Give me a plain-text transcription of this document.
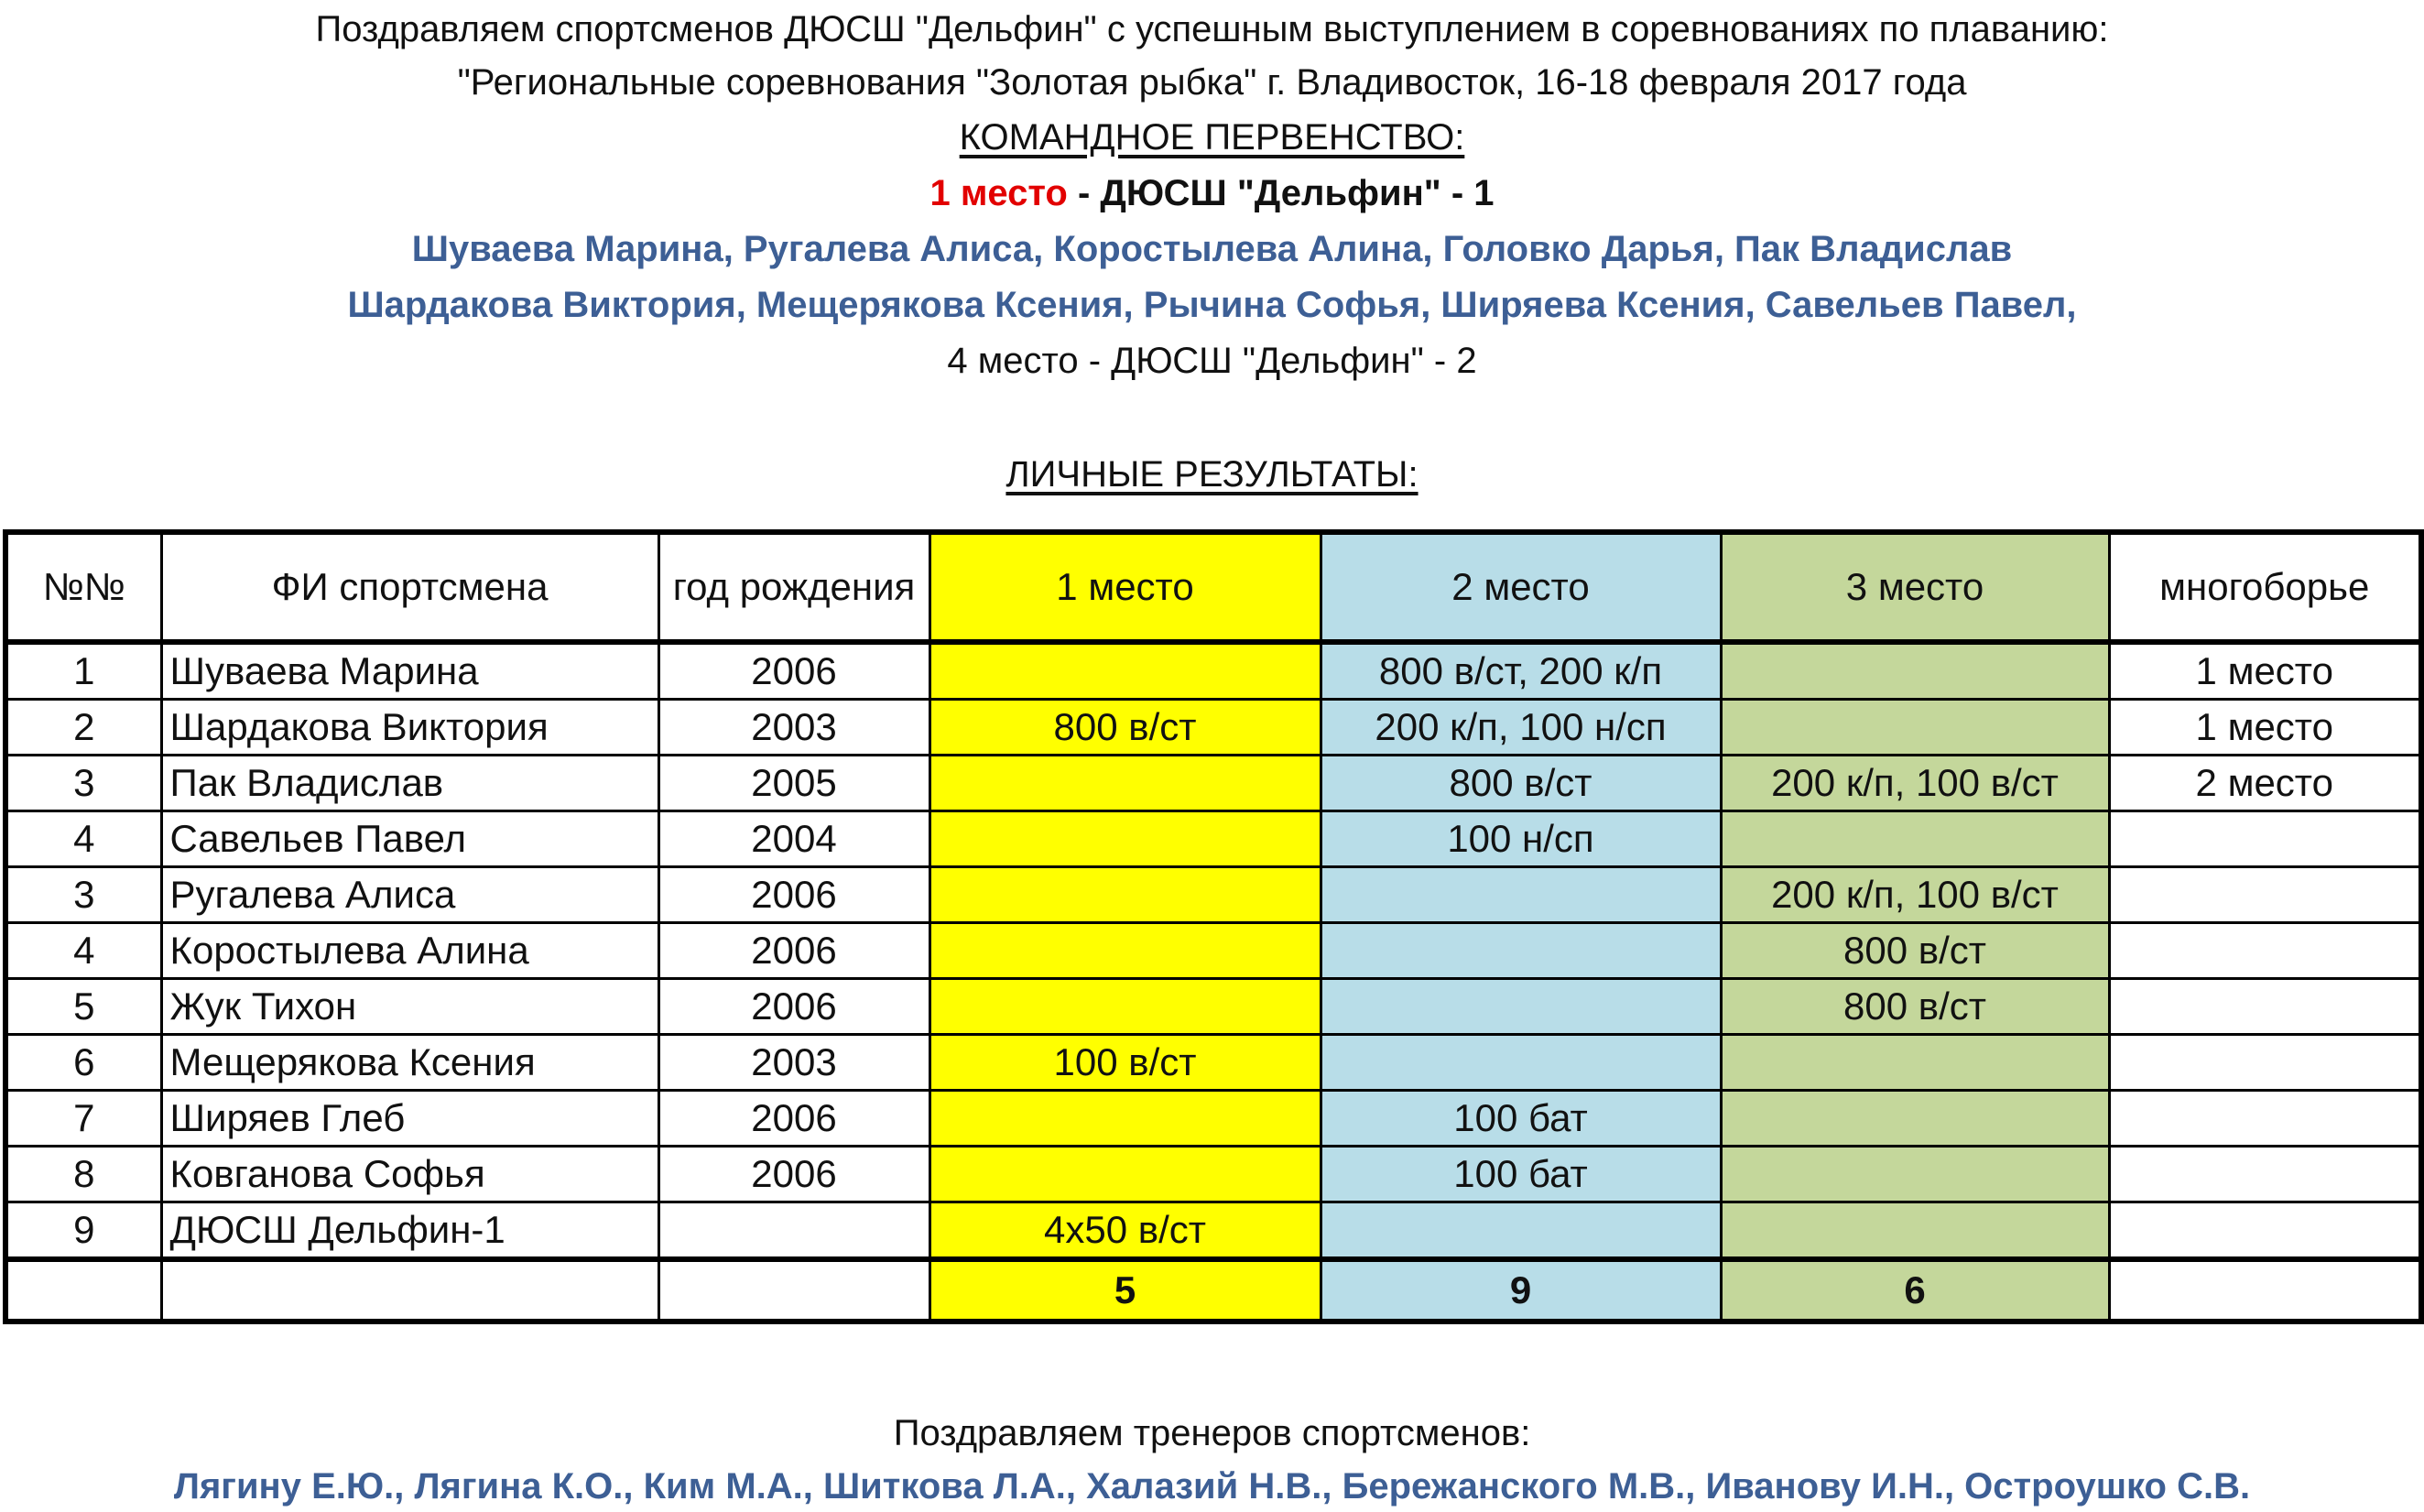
Поздравляем спортсменов ДЮСШ "Дельфин" с успешным выступлением в соревнованиях по плаванию:
"Региональные соревнования "Золотая рыбка" г. Владивосток, 16-18 февраля 2017 года
КОМАНДНОЕ ПЕРВЕНСТВО:
1 место - ДЮСШ "Дельфин" - 1
Шуваева Марина, Ругалева Алиса, Коростылева Алина, Головко Дарья, Пак Владислав
Шардакова Виктория, Мещерякова Ксения, Рычина Софья, Ширяева Ксения, Савельев Павел,
4 место - ДЮСШ "Дельфин" - 2
ЛИЧНЫЕ РЕЗУЛЬТАТЫ:
№№	ФИ спортсмена	год рождения	1 место	2 место	3 место	многоборье
1	Шуваева Марина	2006		800 в/ст, 200 к/п		1 место
2	Шардакова Виктория	2003	800 в/ст	200 к/п, 100 н/сп		1 место
3	Пак Владислав	2005		800 в/ст	200 к/п, 100 в/ст	2 место
4	Савельев Павел	2004		100 н/сп		
3	Ругалева Алиса	2006			200 к/п, 100 в/ст	
4	Коростылева Алина	2006			800 в/ст	
5	Жук Тихон	2006			800 в/ст	
6	Мещерякова Ксения	2003	100 в/ст			
7	Ширяев Глеб	2006		100 бат		
8	Ковганова Софья	2006		100 бат		
9	ДЮСШ Дельфин-1		4х50 в/ст			
			5	9	6	
Поздравляем тренеров спортсменов:
Лягину Е.Ю., Лягина К.О., Ким М.А., Шиткова Л.А., Халазий Н.В., Бережанского М.В., Иванову И.Н., Остроушко С.В.
